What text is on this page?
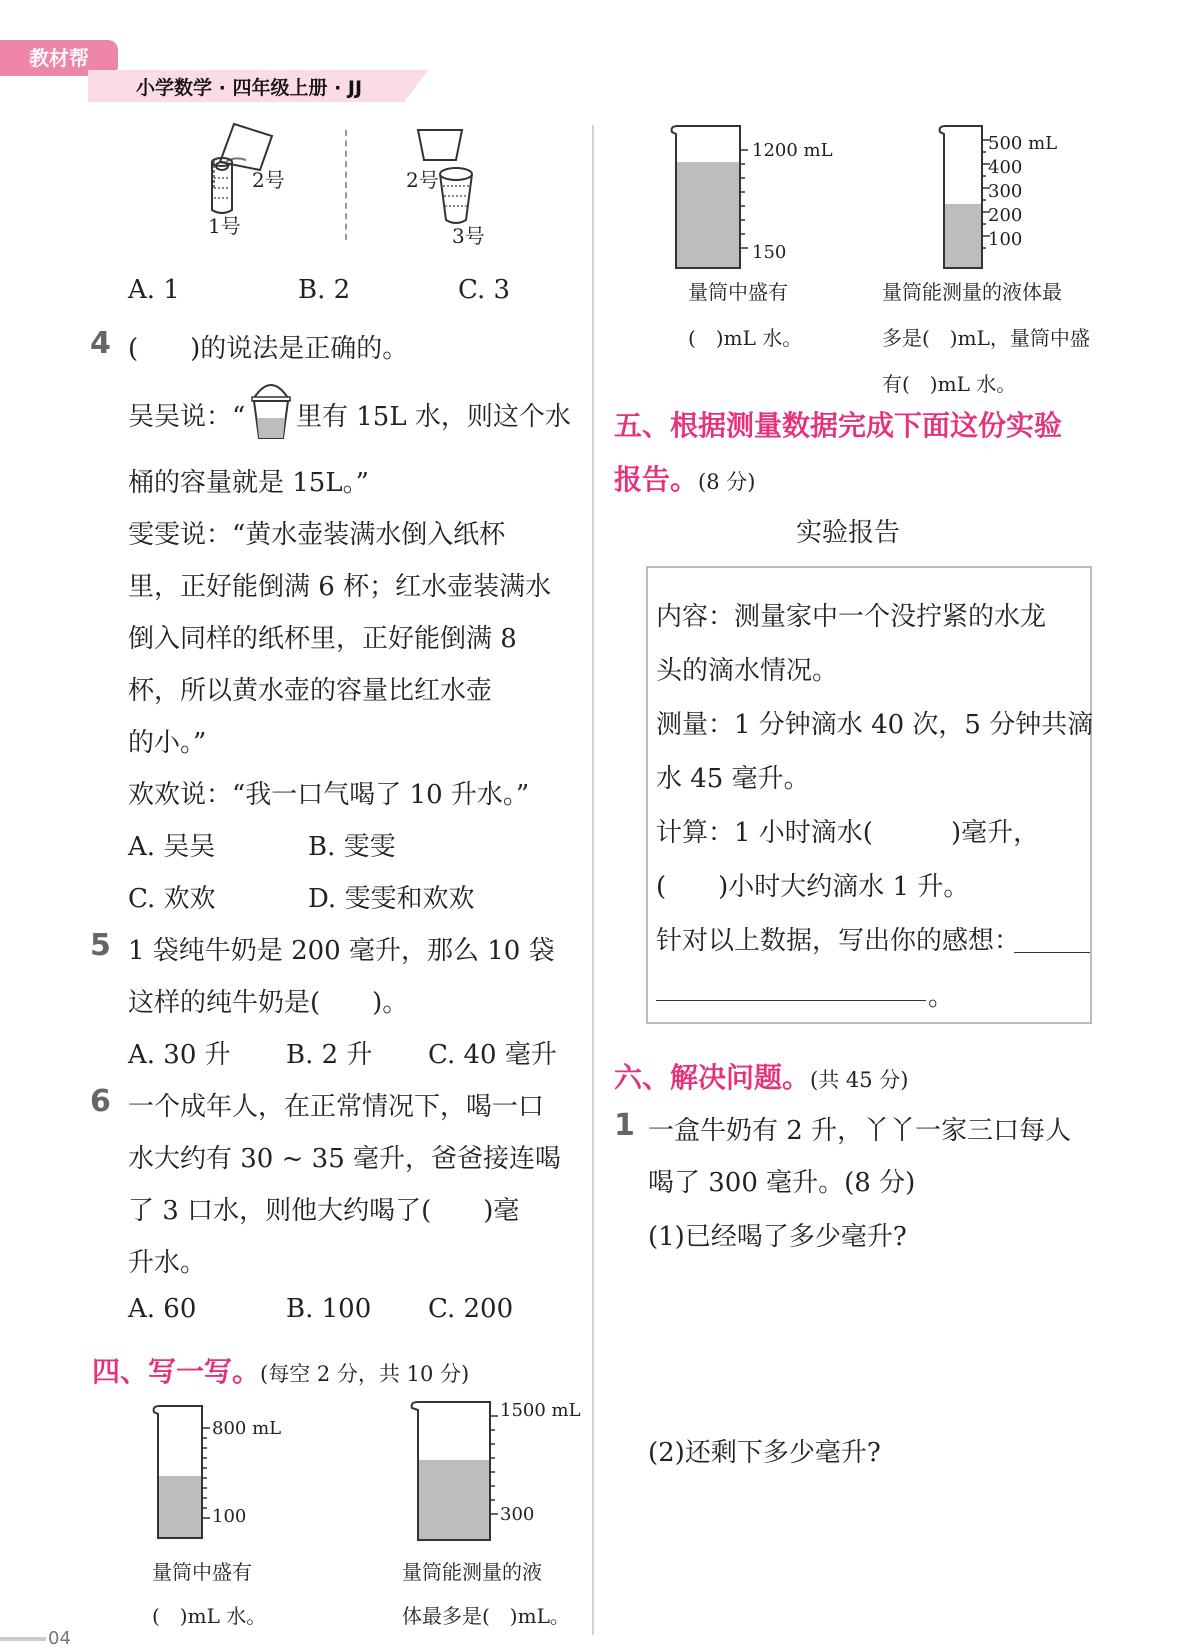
教材帮
小学数学 · 四年级上册 · JJ
2号
1号
2号
3号
A. 1	B. 2	C. 3
4 (　　)的说法是正确的。
吴吴说：“ 里有 15L 水，则这个水
桶的容量就是 15L。”
雯雯说：“黄水壶装满水倒入纸杯
里，正好能倒满 6 杯；红水壶装满水
倒入同样的纸杯里，正好能倒满 8
杯，所以黄水壶的容量比红水壶
的小。”
欢欢说：“我一口气喝了 10 升水。”
A. 吴吴	B. 雯雯
C. 欢欢	D. 雯雯和欢欢
5 1 袋纯牛奶是 200 毫升，那么 10 袋
这样的纯牛奶是(　　)。
A. 30 升 B. 2 升 C. 40 毫升
6 一个成年人，在正常情况下，喝一口
水大约有 30 ~ 35 毫升，爸爸接连喝
了 3 口水，则他大约喝了(　　)毫
升水。
A. 60	B. 100 C. 200
四、写一写。(每空 2 分，共 10 分)
800 mL
100
量筒中盛有
(　)mL 水。
1500 mL
300
量筒能测量的液
体最多是(　)mL。
1200 mL
150
量筒中盛有
(　)mL 水。
500 mL
400
300
200
100
量筒能测量的液体最
多是(　)mL，量筒中盛
有(　)mL 水。
五、根据测量数据完成下面这份实验
报告。(8 分)
实验报告
内容：测量家中一个没拧紧的水龙
头的滴水情况。
测量：1 分钟滴水 40 次，5 分钟共滴
水 45 毫升。
计算：1 小时滴水(　　　)毫升，
(　　)小时大约滴水 1 升。
针对以上数据，写出你的感想：
。
六、解决问题。(共 45 分)
1 一盒牛奶有 2 升，丫丫一家三口每人
喝了 300 毫升。(8 分)
(1)已经喝了多少毫升?
(2)还剩下多少毫升?
04
